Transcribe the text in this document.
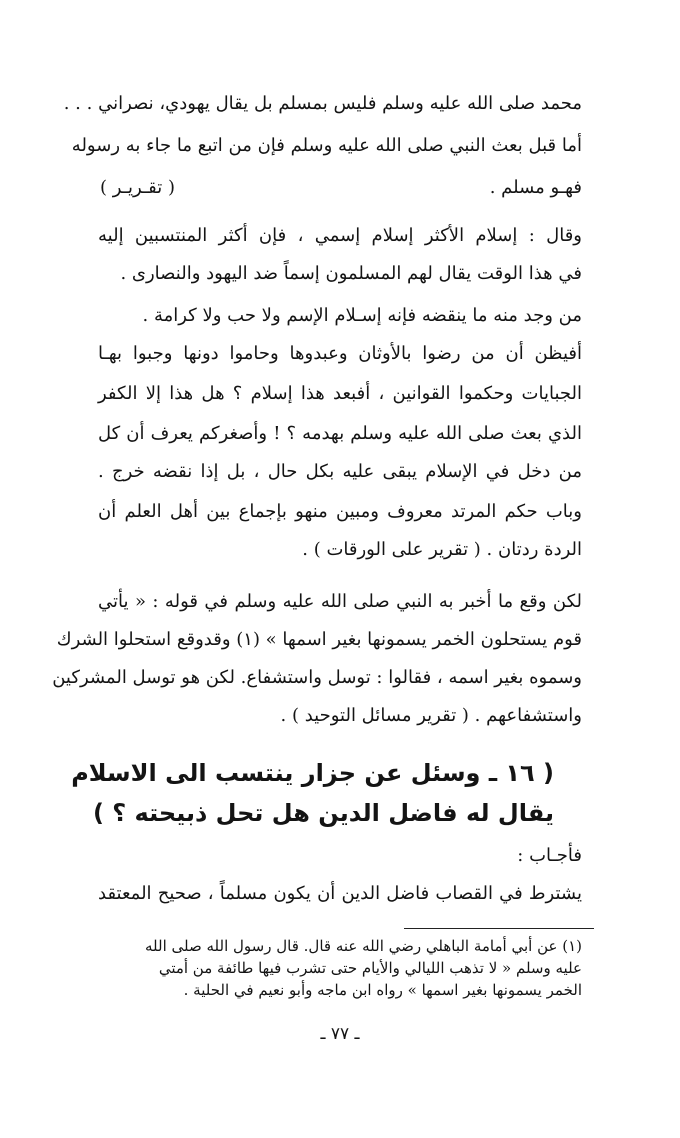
محمد صلى الله عليه وسلم فليس بمسلم بل يقال يهودي، نصراني . . .
أما قبل بعث النبي صلى الله عليه وسلم فإن من اتبع ما جاء به رسوله
فهـو مسلم .
( تقـريـر )
وقال : إسلام الأكثر إسلام إسمي ، فإن أكثر المنتسبين إليه
في هذا الوقت يقال لهم المسلمون إسماً ضد اليهود والنصارى .
من وجد منه ما ينقضه فإنه إسـلام الإسم ولا حب ولا كرامة .
أفيظن أن من رضوا بالأوثان وعبدوها وحاموا دونها وجبوا بهـا
الجبايات وحكموا القوانين ، أفبعد هذا إسلام ؟ هل هذا إلا الكفر
الذي بعث صلى الله عليه وسلم بهدمه ؟ ! وأصغركم يعرف أن كل
من دخل في الإسلام يبقى عليه بكل حال ، بل إذا نقضه خرج .
وباب حكم المرتد معروف ومبين منهو بإجماع بين أهل العلم أن
الردة ردتان . ( تقرير على الورقات ) .
لكن وقع ما أخبر به النبي صلى الله عليه وسلم في قوله : « يأتي
قوم يستحلون الخمر يسمونها بغير اسمها » (١) وقدوقع استحلوا الشرك
وسموه بغير اسمه ، فقالوا : توسل واستشفاع. لكن هو توسل المشركين
واستشفاعهم . ( تقرير مسائل التوحيد ) .
( ١٦ ـ وسئل عن جزار ينتسب الى الاسلام
يقال له فاضل الدين هل تحل ذبيحته ؟ )
فأجـاب :
يشترط في القصاب فاضل الدين أن يكون مسلماً ، صحيح المعتقد
(١) عن أبي أمامة الباهلي رضي الله عنه قال. قال رسول الله صلى الله
عليه وسلم « لا تذهب الليالي والأيام حتى تشرب فيها طائفة من أمتي
الخمر يسمونها بغير اسمها » رواه ابن ماجه وأبو نعيم في الحلية .
ـ ٧٧ ـ
